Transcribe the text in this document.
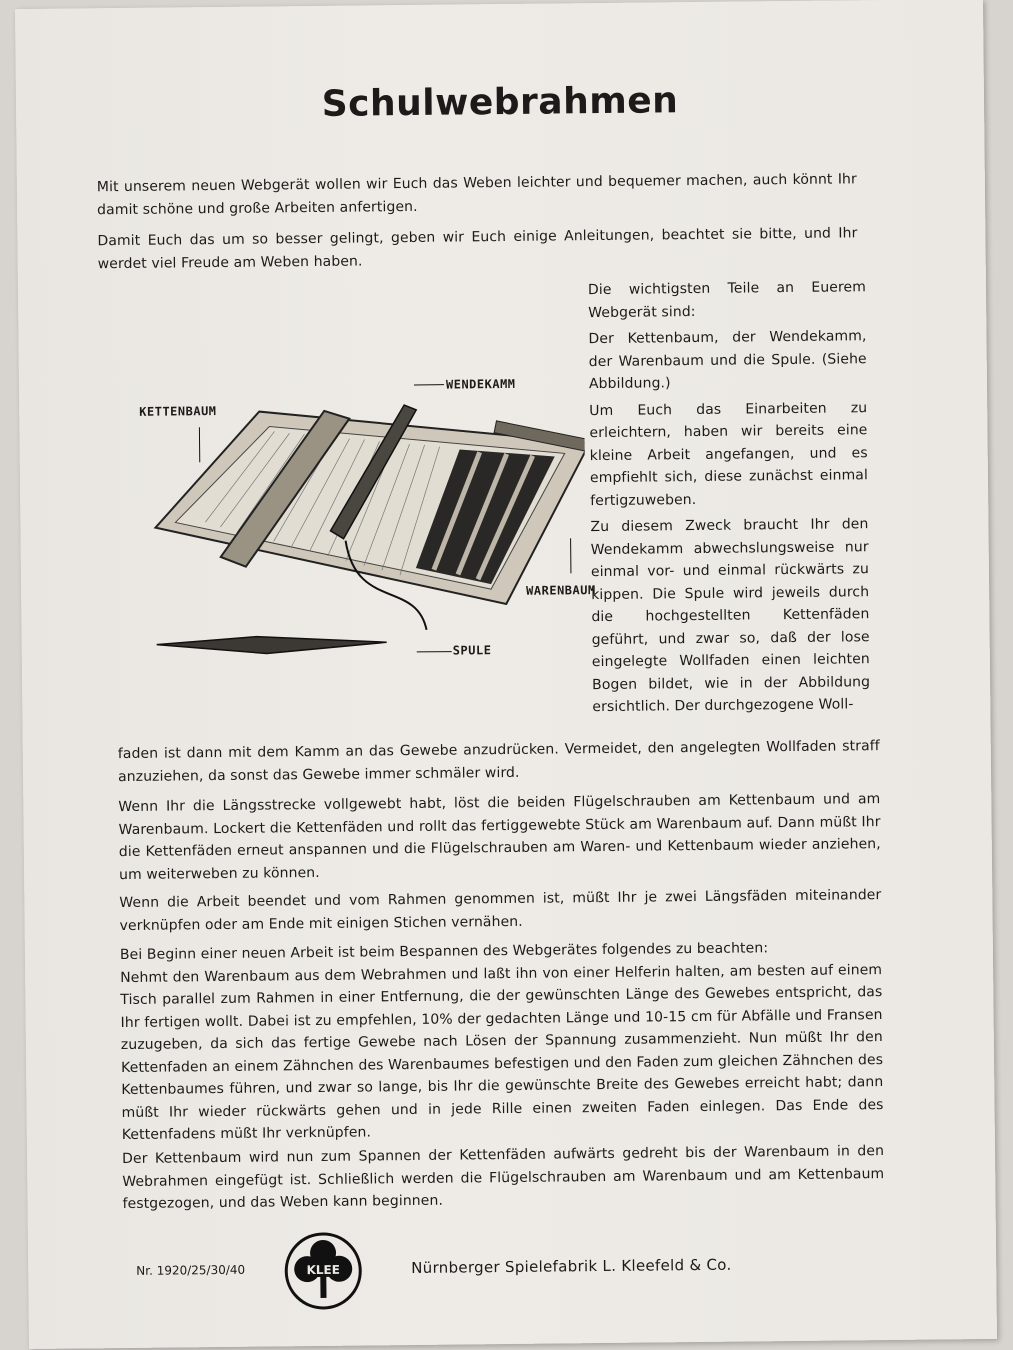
Schulwebrahmen
Mit unserem neuen Webgerät wollen wir Euch das Weben leichter und bequemer machen, auch könnt Ihr damit schöne und große Arbeiten anfertigen.
Damit Euch das um so besser gelingt, geben wir Euch einige Anleitungen, beachtet sie bitte, und Ihr werdet viel Freude am Weben haben.

Die wichtigsten Teile an Euerem Webgerät sind:

Der Kettenbaum, der Wendekamm, der Warenbaum und die Spule. (Siehe Abbildung.)

Um Euch das Einarbeiten zu erleichtern, haben wir bereits eine kleine Arbeit angefangen, und es empfiehlt sich, diese zunächst einmal fertigzuweben.

Zu diesem Zweck braucht Ihr den Wendekamm abwechslungsweise nur einmal vor- und einmal rückwärts zu kippen. Die Spule wird jeweils durch die hochgestellten Kettenfäden geführt, und zwar so, daß der lose eingelegte Wollfaden einen leichten Bogen bildet, wie in der Abbildung ersichtlich. Der durchgezogene Woll-

KETTENBAUM
WENDEKAMM
WARENBAUM
SPULE
faden ist dann mit dem Kamm an das Gewebe anzudrücken. Vermeidet, den angelegten Wollfaden straff anzuziehen, da sonst das Gewebe immer schmäler wird.
Wenn Ihr die Längsstrecke vollgewebt habt, löst die beiden Flügelschrauben am Kettenbaum und am Warenbaum. Lockert die Kettenfäden und rollt das fertiggewebte Stück am Warenbaum auf. Dann müßt Ihr die Kettenfäden erneut anspannen und die Flügelschrauben am Waren- und Kettenbaum wieder anziehen, um weiterweben zu können.
Wenn die Arbeit beendet und vom Rahmen genommen ist, müßt Ihr je zwei Längsfäden miteinander verknüpfen oder am Ende mit einigen Stichen vernähen.
Bei Beginn einer neuen Arbeit ist beim Bespannen des Webgerätes folgendes zu beachten:
Nehmt den Warenbaum aus dem Webrahmen und laßt ihn von einer Helferin halten, am besten auf einem Tisch parallel zum Rahmen in einer Entfernung, die der gewünschten Länge des Gewebes entspricht, das Ihr fertigen wollt. Dabei ist zu empfehlen, 10% der gedachten Länge und 10-15 cm für Abfälle und Fransen zuzugeben, da sich das fertige Gewebe nach Lösen der Spannung zusammenzieht. Nun müßt Ihr den Kettenfaden an einem Zähnchen des Warenbaumes befestigen und den Faden zum gleichen Zähnchen des Kettenbaumes führen, und zwar so lange, bis Ihr die gewünschte Breite des Gewebes erreicht habt; dann müßt Ihr wieder rückwärts gehen und in jede Rille einen zweiten Faden einlegen. Das Ende des Kettenfadens müßt Ihr verknüpfen.
Der Kettenbaum wird nun zum Spannen der Kettenfäden aufwärts gedreht bis der Warenbaum in den Webrahmen eingefügt ist. Schließlich werden die Flügelschrauben am Warenbaum und am Kettenbaum festgezogen, und das Weben kann beginnen.
Nr. 1920/25/30/40	KLEE	Nürnberger Spielefabrik L. Kleefeld & Co.
